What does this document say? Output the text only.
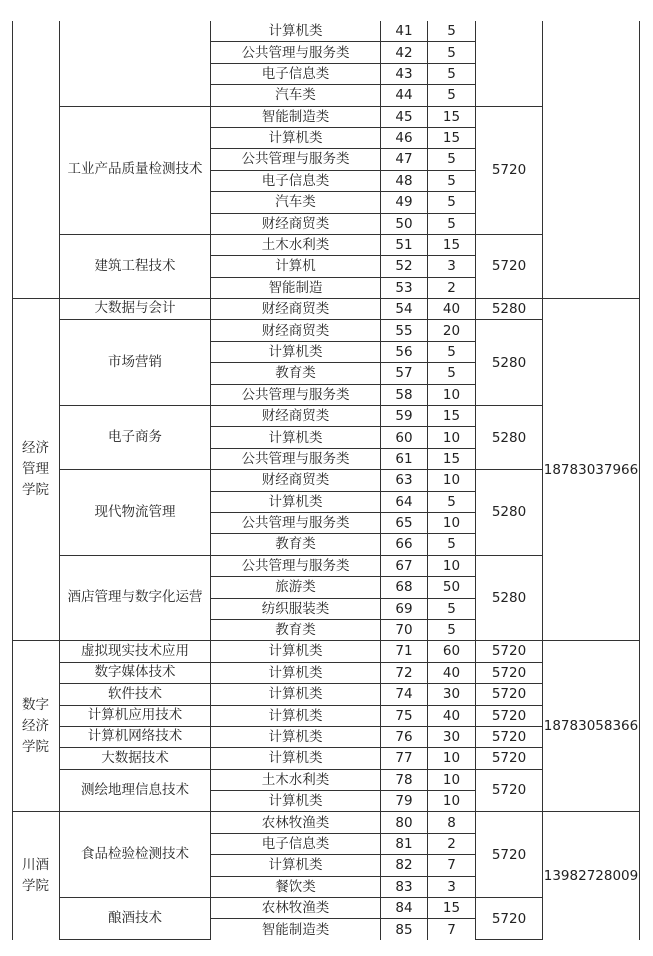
		计算机类	41	5		
		公共管理与服务类	42	5		
		电子信息类	43	5		
		汽车类	44	5		
	工业产品质量检测技术	智能制造类	45	15	5720	
		计算机类	46	15		
		公共管理与服务类	47	5		
		电子信息类	48	5		
		汽车类	49	5		
		财经商贸类	50	5		
	建筑工程技术	土木水利类	51	15	5720	
		计算机	52	3		
		智能制造	53	2		
经济管理学院	大数据与会计	财经商贸类	54	40	5280	18783037966
	市场营销	财经商贸类	55	20	5280	
		计算机类	56	5		
		教育类	57	5		
		公共管理与服务类	58	10		
	电子商务	财经商贸类	59	15	5280	
		计算机类	60	10		
		公共管理与服务类	61	15		
	现代物流管理	财经商贸类	63	10	5280	
		计算机类	64	5		
		公共管理与服务类	65	10		
		教育类	66	5		
	酒店管理与数字化运营	公共管理与服务类	67	10	5280	
		旅游类	68	50		
		纺织服装类	69	5		
		教育类	70	5		
数字经济学院	虚拟现实技术应用	计算机类	71	60	5720	18783058366
	数字媒体技术	计算机类	72	40	5720	
	软件技术	计算机类	74	30	5720	
	计算机应用技术	计算机类	75	40	5720	
	计算机网络技术	计算机类	76	30	5720	
	大数据技术	计算机类	77	10	5720	
	测绘地理信息技术	土木水利类	78	10	5720	
		计算机类	79	10		
川酒学院	食品检验检测技术	农林牧渔类	80	8	5720	13982728009
		电子信息类	81	2		
		计算机类	82	7		
		餐饮类	83	3		
	酿酒技术	农林牧渔类	84	15	5720	
		智能制造类	85	7		
